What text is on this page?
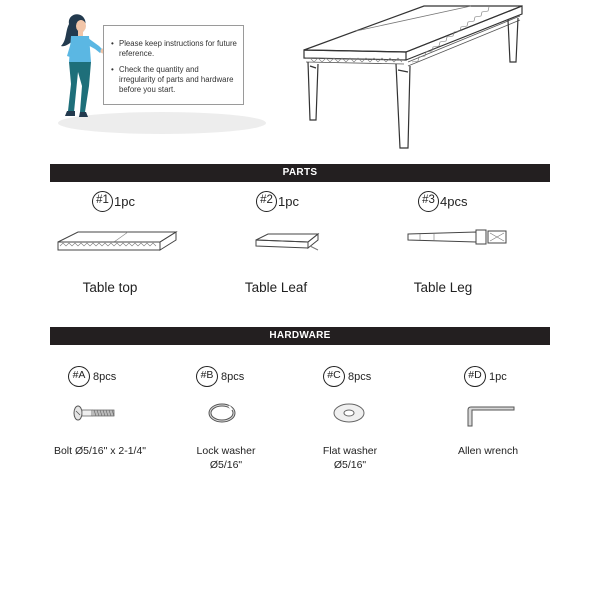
• Please keep instructions for future reference.
• Check the quantity and irregularity of parts and hardware before you start.
PARTS
#1 1pc
Table top
#2 1pc
Table Leaf
#3 4pcs
Table Leg
HARDWARE
#A 8pcs
Bolt Ø5/16" x 2-1/4"
#B 8pcs
Lock washer
Ø5/16"
#C 8pcs
Flat washer
Ø5/16"
#D 1pc
Allen wrench
